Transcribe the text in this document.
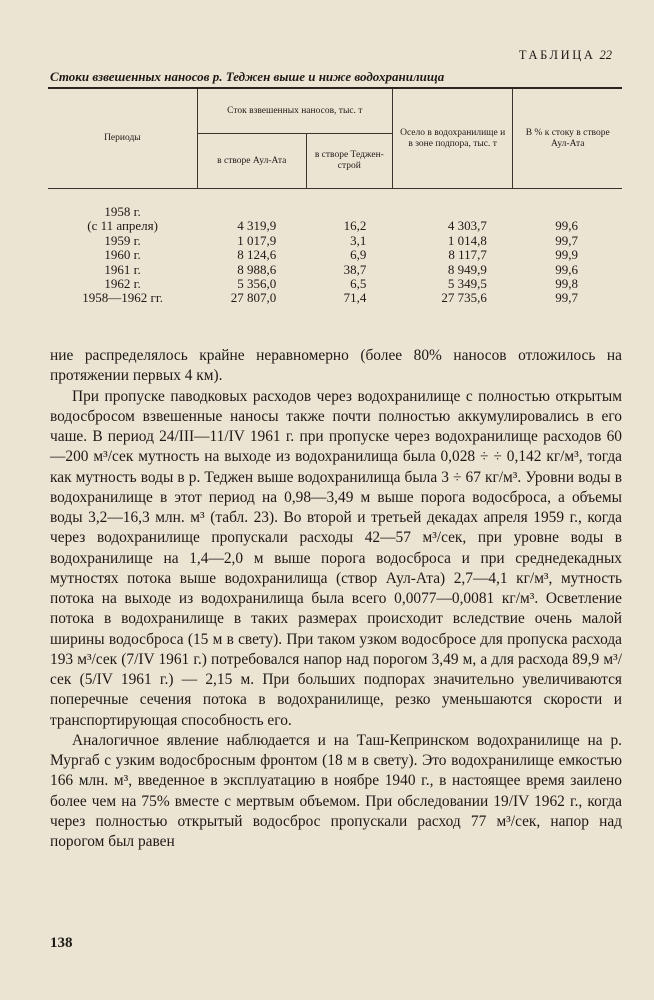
ТАБЛИЦА 22
Стоки взвешенных наносов р. Теджен выше и ниже водохранилища
Периоды	Сток взвешенных наносов, тыс. т		Осело в водохранилище и в зоне подпора, тыс. т	В % к стоку в створе Аул-Ата
	в створе Аул-Ата	в створе Теджен-строй		
1958 г.				
(с 11 апреля)	4 319,9	16,2	4 303,7	99,6
1959 г.	1 017,9	3,1	1 014,8	99,7
1960 г.	8 124,6	6,9	8 117,7	99,9
1961 г.	8 988,6	38,7	8 949,9	99,6
1962 г.	5 356,0	6,5	5 349,5	99,8
1958—1962 гг.	27 807,0	71,4	27 735,6	99,7

ние распределялось крайне неравномерно (более 80% наносов отложилось на протяжении первых 4 км).

При пропуске паводковых расходов через водохранилище с полностью открытым водосбросом взвешенные наносы также почти полностью аккумулировались в его чаше. В период 24/III—11/IV 1961 г. при пропуске через водохранилище расходов 60—200 м³/сек мутность на выходе из водохранилища была 0,028 ÷ ÷ 0,142 кг/м³, тогда как мутность воды в р. Теджен выше водохранилища была 3 ÷ 67 кг/м³. Уровни воды в водохранилище в этот период на 0,98—3,49 м выше порога водосброса, а объемы воды 3,2—16,3 млн. м³ (табл. 23). Во второй и третьей декадах апреля 1959 г., когда через водохранилище пропускали расходы 42—57 м³/сек, при уровне воды в водохранилище на 1,4—2,0 м выше порога водосброса и при среднедекадных мутностях потока выше водохранилища (створ Аул-Ата) 2,7—4,1 кг/м³, мутность потока на выходе из водохранилища была всего 0,0077—0,0081 кг/м³. Осветление потока в водохранилище в таких размерах происходит вследствие очень малой ширины водосброса (15 м в свету). При таком узком водосбросе для пропуска расхода 193 м³/сек (7/IV 1961 г.) потребовался напор над порогом 3,49 м, а для расхода 89,9 м³/сек (5/IV 1961 г.) — 2,15 м. При больших подпорах значительно увеличиваются поперечные сечения потока в водохранилище, резко уменьшаются скорости и транспортирующая способность его.

Аналогичное явление наблюдается и на Таш-Кепринском водохранилище на р. Мургаб с узким водосбросным фронтом (18 м в свету). Это водохранилище емкостью 166 млн. м³, введенное в эксплуатацию в ноябре 1940 г., в настоящее время заилено более чем на 75% вместе с мертвым объемом. При обследовании 19/IV 1962 г., когда через полностью открытый водосброс пропускали расход 77 м³/сек, напор над порогом был равен

138
